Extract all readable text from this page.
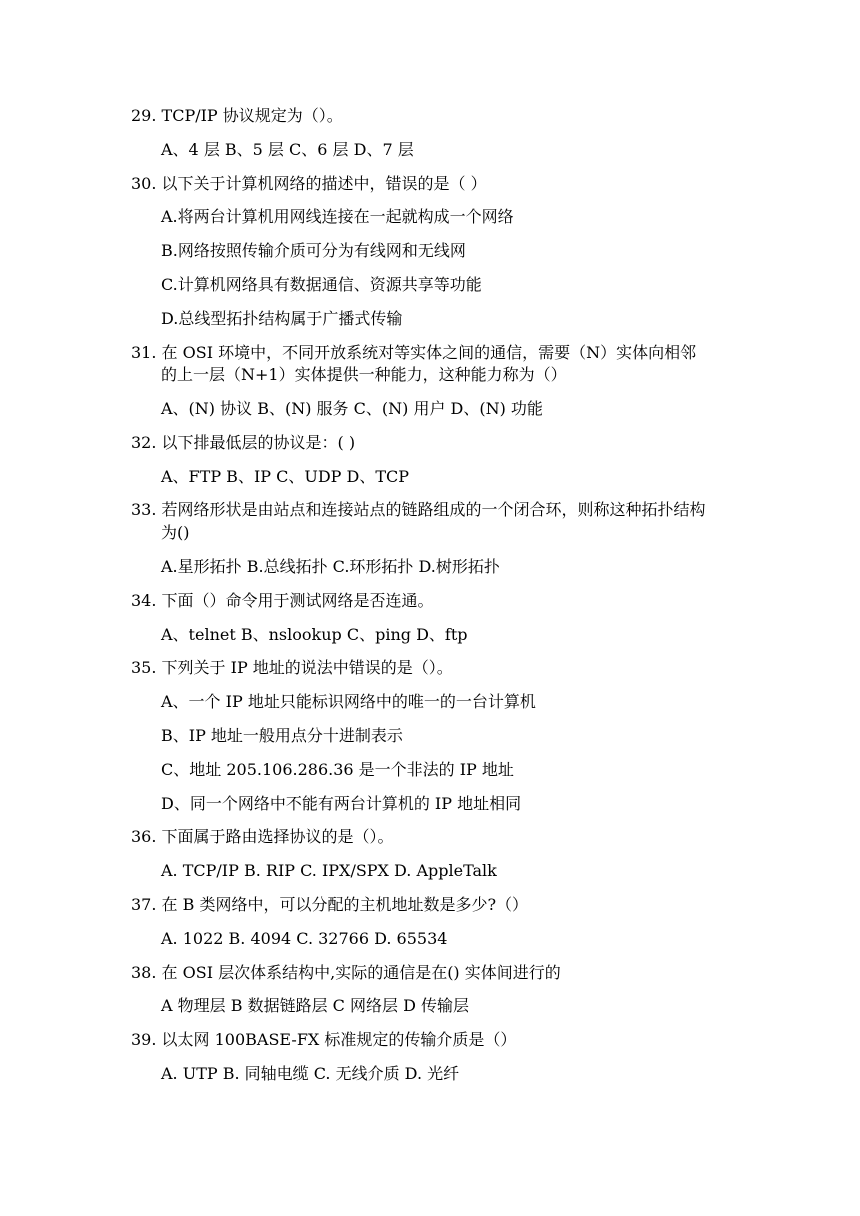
29. TCP/IP 协议规定为（）。
A、4 层 B、5 层 C、6 层 D、7 层
30. 以下关于计算机网络的描述中，错误的是（ ）
A.将两台计算机用网线连接在一起就构成一个网络
B.网络按照传输介质可分为有线网和无线网
C.计算机网络具有数据通信、资源共享等功能
D.总线型拓扑结构属于广播式传输
31. 在 OSI 环境中，不同开放系统对等实体之间的通信，需要（N）实体向相邻
的上一层（N+1）实体提供一种能力，这种能力称为（）
A、(N) 协议 B、(N) 服务 C、(N) 用户 D、(N) 功能
32. 以下排最低层的协议是：( )
A、FTP B、IP C、UDP D、TCP
33. 若网络形状是由站点和连接站点的链路组成的一个闭合环，则称这种拓扑结构
为()
A.星形拓扑 B.总线拓扑 C.环形拓扑 D.树形拓扑
34. 下面（）命令用于测试网络是否连通。
A、telnet B、nslookup C、ping D、ftp
35. 下列关于 IP 地址的说法中错误的是（）。
A、一个 IP 地址只能标识网络中的唯一的一台计算机
B、IP 地址一般用点分十进制表示
C、地址 205.106.286.36 是一个非法的 IP 地址
D、同一个网络中不能有两台计算机的 IP 地址相同
36. 下面属于路由选择协议的是（）。
A. TCP/IP B. RIP C. IPX/SPX D. AppleTalk
37. 在 B 类网络中，可以分配的主机地址数是多少?（）
A. 1022 B. 4094 C. 32766 D. 65534
38. 在 OSI 层次体系结构中,实际的通信是在() 实体间进行的
A 物理层 B 数据链路层 C 网络层 D 传输层
39. 以太网 100BASE-FX 标准规定的传输介质是（）
A. UTP B. 同轴电缆 C. 无线介质 D. 光纤
